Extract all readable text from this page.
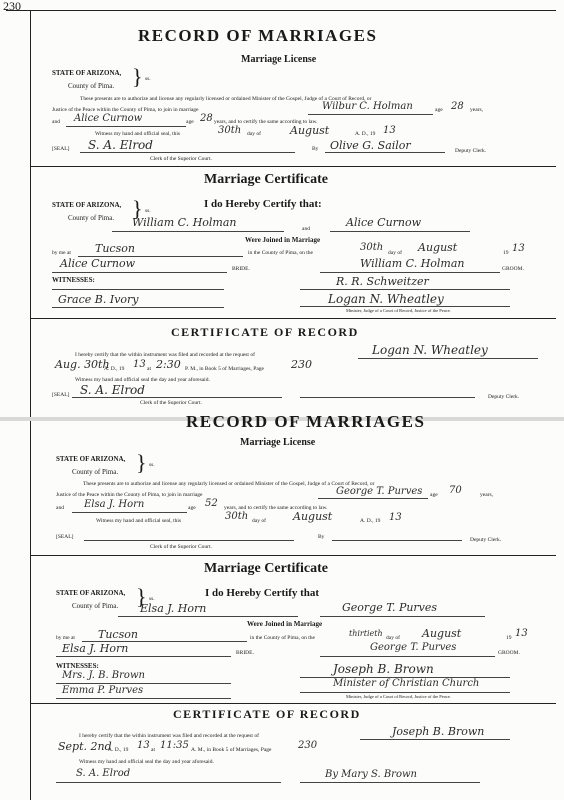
230
RECORD OF MARRIAGES
Marriage License
STATE OF ARIZONA,
County of Pima. } ss.
These presents are to authorize and license any regularly licensed or ordained Minister of the Gospel, Judge of a Court of Record, or
Justice of the Peace within the County of Pima, to join in marriage	Wilbur C. Holman	age 28 years,
and Alice Curnow	age 28 years, and to certify the same according to law.
Witness my hand and official seal, this	30th day of	August	A. D., 19 13
[SEAL] S. A. Elrod	By Olive G. Sailor
Clerk of the Superior Court.
Deputy Clerk.
Marriage Certificate
STATE OF ARIZONA,
County of Pima. } ss.
I do Hereby Certify that:
William C. Holman	and	Alice Curnow
Were Joined in Marriage
by me at Tucson	in the County of Pima, on the	30th day of August	19 13
Alice Curnow	BRIDE.	William C. Holman	GROOM.
WITNESSES:
Grace B. Ivory
R. R. Schweitzer
Logan N. Wheatley
Minister, Judge of a Court of Record, Justice of the Peace.
CERTIFICATE OF RECORD
I hereby certify that the within instrument was filed and recorded at the request of	Logan N. Wheatley
Aug. 30th
A. D., 19 13 at 2:30 P. M., in Book 5 of Marriages, Page 230
Witness my hand and official seal the day and year aforesaid.
[SEAL] S. A. Elrod
Clerk of the Superior Court.
Deputy Clerk.
RECORD OF MARRIAGES
Marriage License
STATE OF ARIZONA,
County of Pima. } ss.
These presents are to authorize and license any regularly licensed or ordained Minister of the Gospel, Judge of a Court of Record, or
Justice of the Peace within the County of Pima, to join in marriage	George T. Purves age 70	years,
and Elsa J. Horn	age 52 years, and to certify the same according to law.
Witness my hand and official seal, this	30th day of August	A. D., 19 13
[SEAL]	By
Clerk of the Superior Court.
Deputy Clerk.
Marriage Certificate
STATE OF ARIZONA,
County of Pima. } ss.	I do Hereby Certify that
Elsa J. Horn	George T. Purves
Were Joined in Marriage
by me at Tucson	in the County of Pima, on the	thirtieth day of August	19 13
Elsa J. Horn	BRIDE.	George T. Purves	GROOM.
WITNESSES:
Mrs. J. B. Brown
Emma P. Purves
Joseph B. Brown
Minister of Christian Church
Minister, Judge of a Court of Record, Justice of the Peace.
CERTIFICATE OF RECORD
I hereby certify that the within instrument was filed and recorded at the request of	Joseph B. Brown
Sept. 2nd
A. D., 19 13 at 11:35 A. M., in Book 5 of Marriages, Page	230
Witness my hand and official seal the day and year aforesaid.
S. A. Elrod	By Mary S. Brown
